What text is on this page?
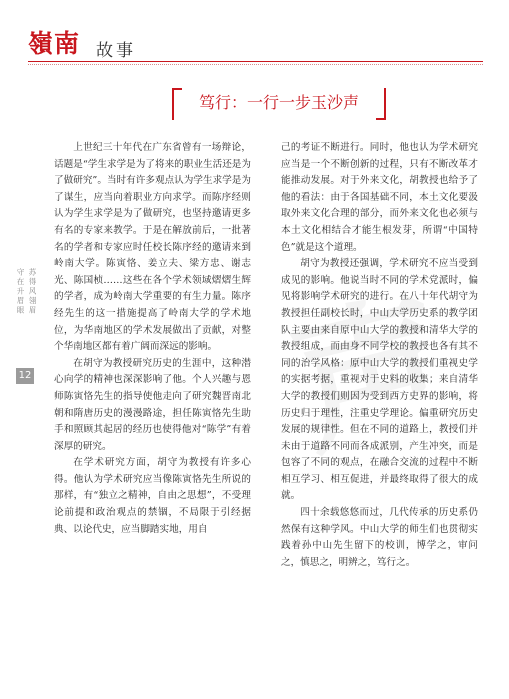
嶺南 故事
笃行：一行一步玉沙声
守在升眉眼 苏得风翎眉
12

上世纪三十年代在广东省曾有一场辩论，话题是“学生求学是为了将来的职业生活还是为了做研究”。当时有许多观点认为学生求学是为了谋生，应当向着职业方向求学。而陈序经则认为学生求学是为了做研究，也坚持邀请更多有名的专家来教学。于是在解放前后，一批著名的学者和专家应时任校长陈序经的邀请来到岭南大学。陈寅恪、姜立夫、梁方忠、谢志光、陈国桢……这些在各个学术领域熠熠生辉的学者，成为岭南大学重要的有生力量。陈序经先生的这一措施提高了岭南大学的学术地位，为华南地区的学术发展做出了贡献，对整个华南地区都有着广阔而深远的影响。

在胡守为教授研究历史的生涯中，这种潜心向学的精神也深深影响了他。个人兴趣与恩师陈寅恪先生的指导使他走向了研究魏晋南北朝和隋唐历史的漫漫路途，担任陈寅恪先生助手和照顾其起居的经历也使得他对“陈学”有着深厚的研究。

在学术研究方面，胡守为教授有许多心得。他认为学术研究应当像陈寅恪先生所说的那样，有“独立之精神，自由之思想”，不受理论前提和政治观点的禁锢，不局限于引经据典、以论代史，应当脚踏实地，用自

己的考证不断进行。同时，他也认为学术研究应当是一个不断创新的过程，只有不断改革才能推动发展。对于外来文化，胡教授也给予了他的看法：由于各国基础不同，本土文化要汲取外来文化合理的部分，而外来文化也必须与本土文化相结合才能生根发芽，所谓“中国特色”就是这个道理。

胡守为教授还强调，学术研究不应当受到成见的影响。他说当时不同的学术党派时，偏见将影响学术研究的进行。在八十年代胡守为教授担任副校长时，中山大学历史系的教学团队主要由来自原中山大学的教授和清华大学的教授组成，而由身不同学校的教授也各有其不同的治学风格：原中山大学的教授们重视史学的实据考据，重视对于史料的收集；来自清华大学的教授们则因为受到西方史界的影响，将历史归于理性，注重史学理论。偏重研究历史发展的规律性。但在不同的道路上，教授们并未由于道路不同而各成派别，产生冲突，而是包容了不同的观点，在融合交流的过程中不断相互学习、相互促进，并最终取得了很大的成就。

四十余载悠悠而过，几代传承的历史系仍然保有这种学风。中山大学的师生们也贯彻实践着孙中山先生留下的校训，博学之，审问之，慎思之，明辨之，笃行之。
